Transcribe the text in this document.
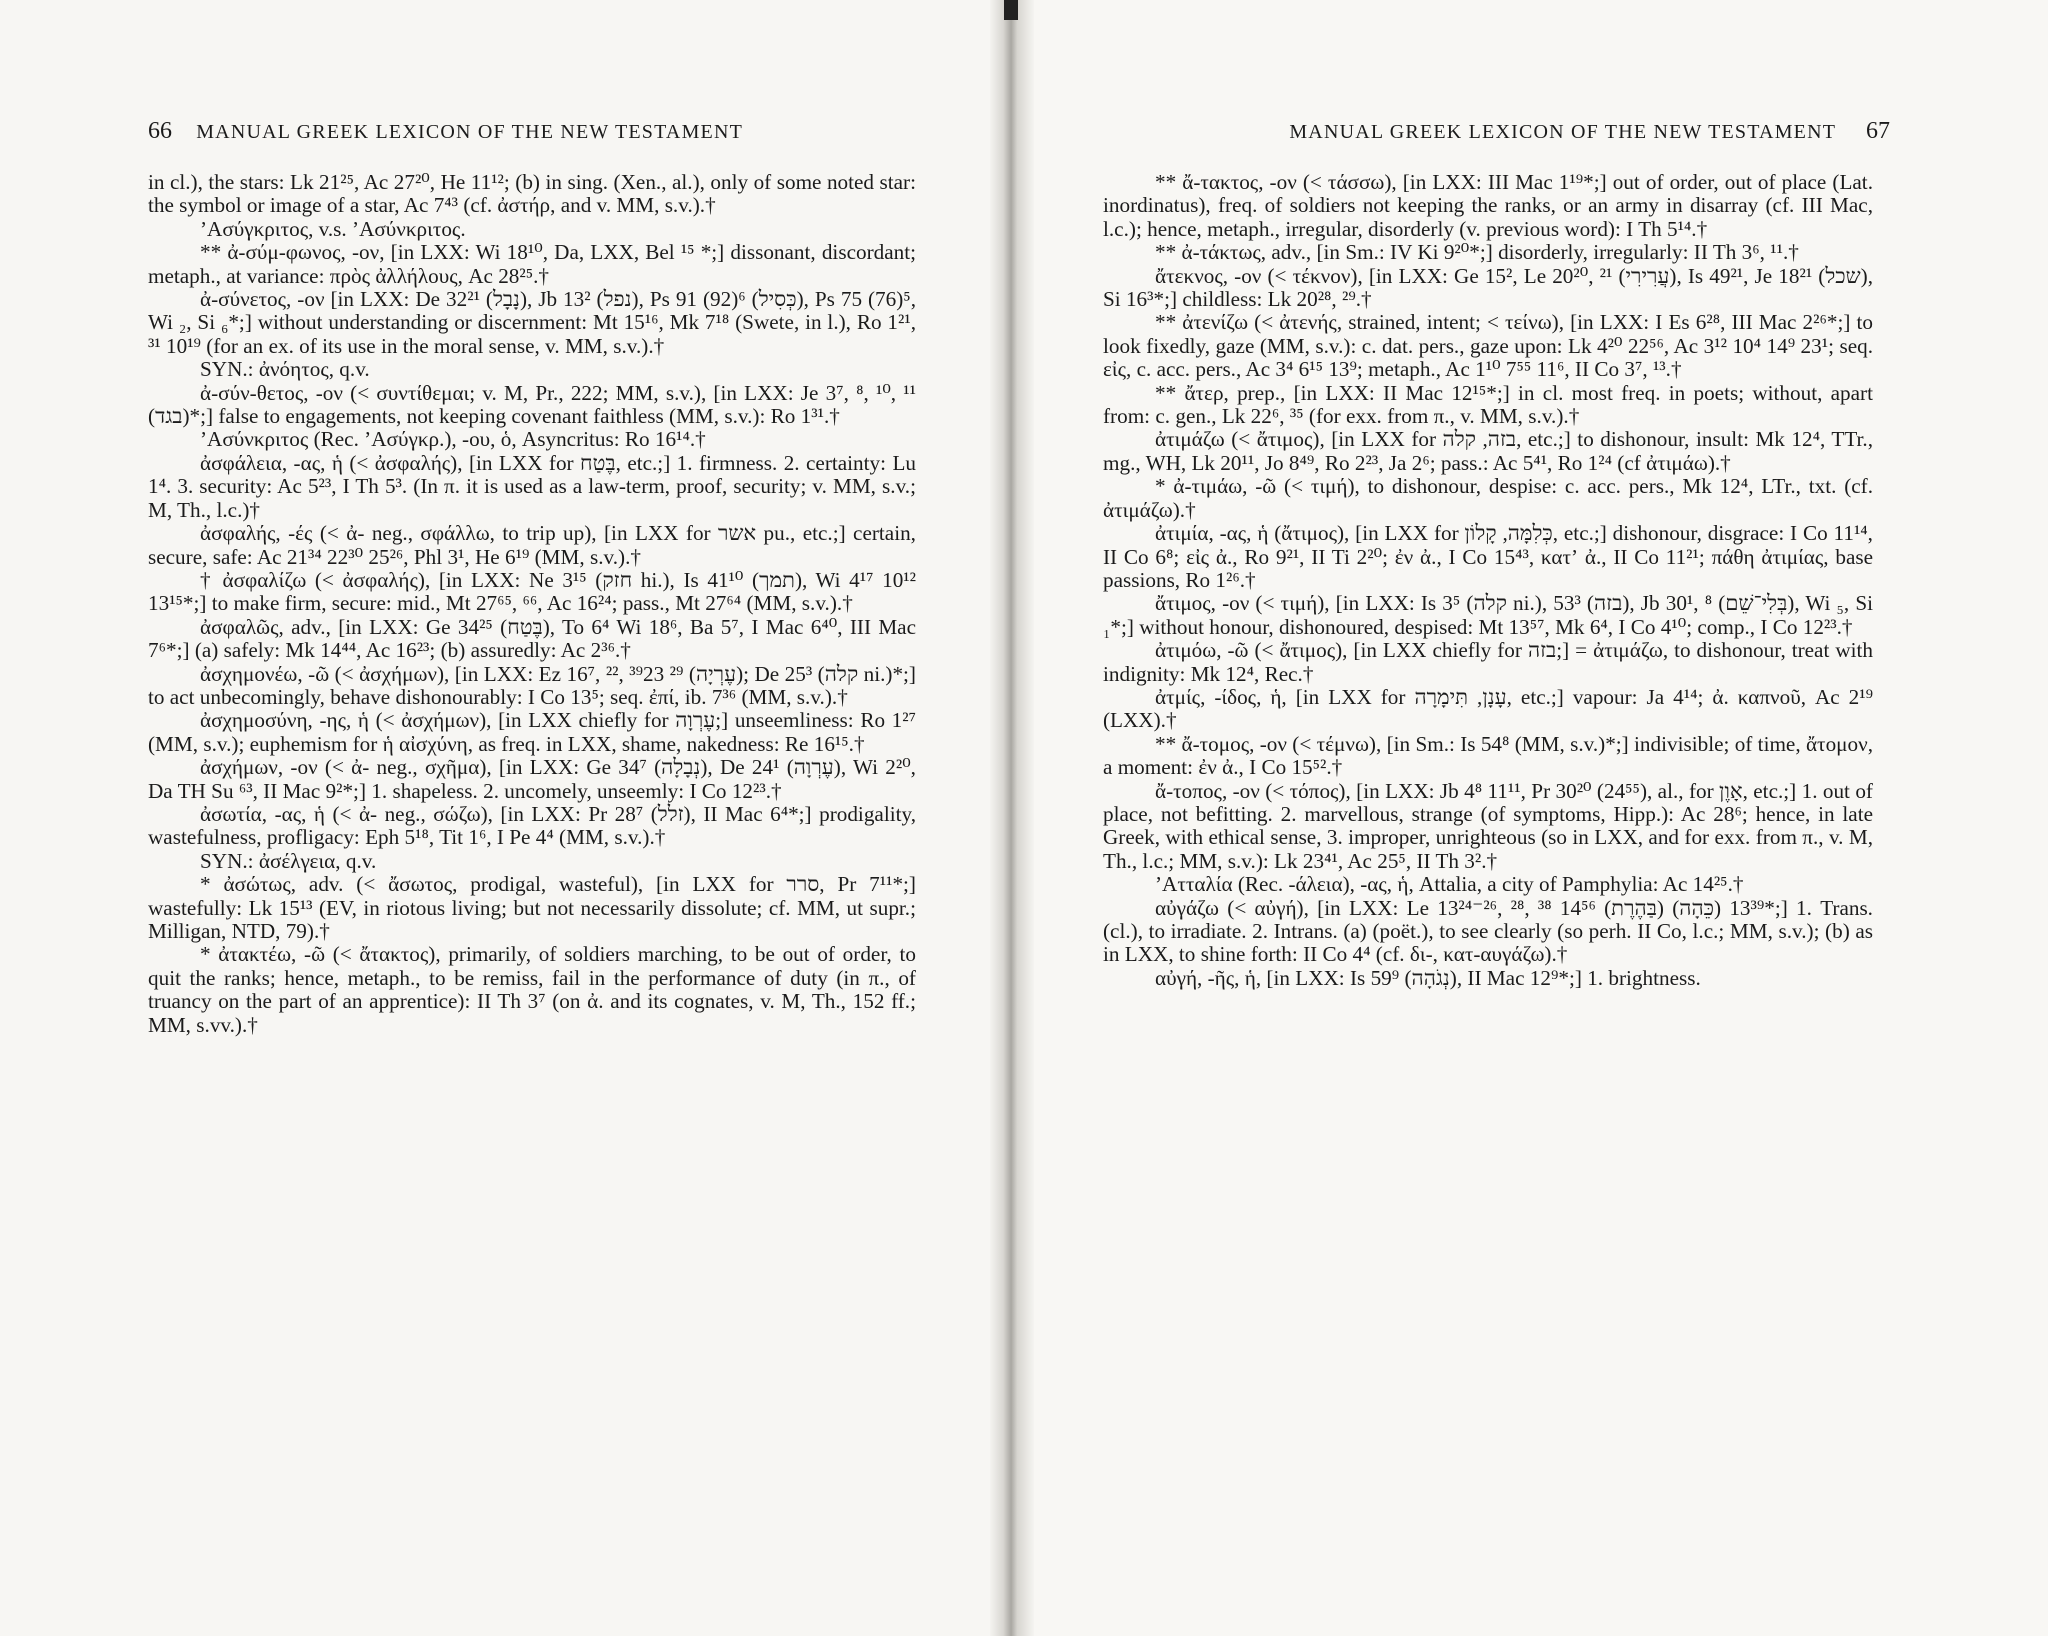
66 MANUAL GREEK LEXICON OF THE NEW TESTAMENT

in cl.), the stars: Lk 21²⁵, Ac 27²⁰, He 11¹²; (b) in sing. (Xen., al.), only of some noted star: the symbol or image of a star, Ac 7⁴³ (cf. ἀστήρ, and v. MM, s.v.).†

ʼΑσύγκριτος, v.s. ʼΑσύνκριτος.

** ἀ-σύμ-φωνος, -ον, [in LXX: Wi 18¹⁰, Da, LXX, Bel ¹⁵ *;] dissonant, discordant; metaph., at variance: πρὸς ἀλλήλους, Ac 28²⁵.†

ἀ-σύνετος, -ον [in LXX: De 32²¹ (נָבָל), Jb 13² (נפל), Ps 91 (92)⁶ (כְּסִיל), Ps 75 (76)⁵, Wi ₂, Si ₆*;] without understanding or discernment: Mt 15¹⁶, Mk 7¹⁸ (Swete, in l.), Ro 1²¹, ³¹ 10¹⁹ (for an ex. of its use in the moral sense, v. MM, s.v.).†

SYN.: ἀνόητος, q.v.

ἀ-σύν-θετος, -ον (< συντίθεμαι; v. M, Pr., 222; MM, s.v.), [in LXX: Je 3⁷, ⁸, ¹⁰, ¹¹ (בגד)*;] false to engagements, not keeping covenant faithless (MM, s.v.): Ro 1³¹.†

ʼΑσύνκριτος (Rec. ʼΑσύγκρ.), -ου, ὁ, Asyncritus: Ro 16¹⁴.†

ἀσφάλεια, -ας, ἡ (< ἀσφαλής), [in LXX for בֶּטַח, etc.;] 1. firmness. 2. certainty: Lu 1⁴. 3. security: Ac 5²³, I Th 5³. (In π. it is used as a law-term, proof, security; v. MM, s.v.; M, Th., l.c.)†

ἀσφαλής, -ές (< ἀ- neg., σφάλλω, to trip up), [in LXX for אשר pu., etc.;] certain, secure, safe: Ac 21³⁴ 22³⁰ 25²⁶, Phl 3¹, He 6¹⁹ (MM, s.v.).†

† ἀσφαλίζω (< ἀσφαλής), [in LXX: Ne 3¹⁵ (חזק hi.), Is 41¹⁰ (תמך), Wi 4¹⁷ 10¹² 13¹⁵*;] to make firm, secure: mid., Mt 27⁶⁵, ⁶⁶, Ac 16²⁴; pass., Mt 27⁶⁴ (MM, s.v.).†

ἀσφαλῶς, adv., [in LXX: Ge 34²⁵ (בֶּטַח), To 6⁴ Wi 18⁶, Ba 5⁷, I Mac 6⁴⁰, III Mac 7⁶*;] (a) safely: Mk 14⁴⁴, Ac 16²³; (b) assuredly: Ac 2³⁶.†

ἀσχημονέω, -ῶ (< ἀσχήμων), [in LXX: Ez 16⁷, ²², ³⁹23 ²⁹ (עֶרְיָה); De 25³ (קלה ni.)*;] to act unbecomingly, behave dishonourably: I Co 13⁵; seq. ἐπί, ib. 7³⁶ (MM, s.v.).†

ἀσχημοσύνη, -ης, ἡ (< ἀσχήμων), [in LXX chiefly for עֶרְוָה;] unseemliness: Ro 1²⁷ (MM, s.v.); euphemism for ἡ αἰσχύνη, as freq. in LXX, shame, nakedness: Re 16¹⁵.†

ἀσχήμων, -ον (< ἀ- neg., σχῆμα), [in LXX: Ge 34⁷ (נְבָלָה), De 24¹ (עֶרְוָה), Wi 2²⁰, Da TH Su ⁶³, II Mac 9²*;] 1. shapeless. 2. uncomely, unseemly: I Co 12²³.†

ἀσωτία, -ας, ἡ (< ἀ- neg., σώζω), [in LXX: Pr 28⁷ (זלל), II Mac 6⁴*;] prodigality, wastefulness, profligacy: Eph 5¹⁸, Tit 1⁶, I Pe 4⁴ (MM, s.v.).†

SYN.: ἀσέλγεια, q.v.

* ἀσώτως, adv. (< ἄσωτος, prodigal, wasteful), [in LXX for סרר, Pr 7¹¹*;] wastefully: Lk 15¹³ (EV, in riotous living; but not necessarily dissolute; cf. MM, ut supr.; Milligan, NTD, 79).†

* ἀτακτέω, -ῶ (< ἄτακτος), primarily, of soldiers marching, to be out of order, to quit the ranks; hence, metaph., to be remiss, fail in the performance of duty (in π., of truancy on the part of an apprentice): II Th 3⁷ (on ἀ. and its cognates, v. M, Th., 152 ff.; MM, s.vv.).†

MANUAL GREEK LEXICON OF THE NEW TESTAMENT 67

** ἄ-τακτος, -ον (< τάσσω), [in LXX: III Mac 1¹⁹*;] out of order, out of place (Lat. inordinatus), freq. of soldiers not keeping the ranks, or an army in disarray (cf. III Mac, l.c.); hence, metaph., irregular, disorderly (v. previous word): I Th 5¹⁴.†

** ἀ-τάκτως, adv., [in Sm.: IV Ki 9²⁰*;] disorderly, irregularly: II Th 3⁶, ¹¹.†

ἄτεκνος, -ον (< τέκνον), [in LXX: Ge 15², Le 20²⁰, ²¹ (עֲרִירִי), Is 49²¹, Je 18²¹ (שכל), Si 16³*;] childless: Lk 20²⁸, ²⁹.†

** ἀτενίζω (< ἀτενής, strained, intent; < τείνω), [in LXX: I Es 6²⁸, III Mac 2²⁶*;] to look fixedly, gaze (MM, s.v.): c. dat. pers., gaze upon: Lk 4²⁰ 22⁵⁶, Ac 3¹² 10⁴ 14⁹ 23¹; seq. εἰς, c. acc. pers., Ac 3⁴ 6¹⁵ 13⁹; metaph., Ac 1¹⁰ 7⁵⁵ 11⁶, II Co 3⁷, ¹³.†

** ἄτερ, prep., [in LXX: II Mac 12¹⁵*;] in cl. most freq. in poets; without, apart from: c. gen., Lk 22⁶, ³⁵ (for exx. from π., v. MM, s.v.).†

ἀτιμάζω (< ἄτιμος), [in LXX for בזה, קלה, etc.;] to dishonour, insult: Mk 12⁴, TTr., mg., WH, Lk 20¹¹, Jo 8⁴⁹, Ro 2²³, Ja 2⁶; pass.: Ac 5⁴¹, Ro 1²⁴ (cf ἀτιμάω).†

* ἀ-τιμάω, -ῶ (< τιμή), to dishonour, despise: c. acc. pers., Mk 12⁴, LTr., txt. (cf. ἀτιμάζω).†

ἀτιμία, -ας, ἡ (ἄτιμος), [in LXX for כְּלִמָּה, קָלוֹן, etc.;] dishonour, disgrace: I Co 11¹⁴, II Co 6⁸; εἰς ἀ., Ro 9²¹, II Ti 2²⁰; ἐν ἀ., I Co 15⁴³, κατʼ ἀ., II Co 11²¹; πάθη ἀτιμίας, base passions, Ro 1²⁶.†

ἄτιμος, -ον (< τιμή), [in LXX: Is 3⁵ (קלה ni.), 53³ (בזה), Jb 30¹, ⁸ (בְּלִי־שֵׁם), Wi ₅, Si ₁*;] without honour, dishonoured, despised: Mt 13⁵⁷, Mk 6⁴, I Co 4¹⁰; comp., I Co 12²³.†

ἀτιμόω, -ῶ (< ἄτιμος), [in LXX chiefly for בזה;] = ἀτιμάζω, to dishonour, treat with indignity: Mk 12⁴, Rec.†

ἀτμίς, -ίδος, ἡ, [in LXX for עָנָן, תִּימָרָה, etc.;] vapour: Ja 4¹⁴; ἀ. καπνοῦ, Ac 2¹⁹ (LXX).†

** ἄ-τομος, -ον (< τέμνω), [in Sm.: Is 54⁸ (MM, s.v.)*;] indivisible; of time, ἄτομον, a moment: ἐν ἀ., I Co 15⁵².†

ἄ-τοπος, -ον (< τόπος), [in LXX: Jb 4⁸ 11¹¹, Pr 30²⁰ (24⁵⁵), al., for אָוֶן, etc.;] 1. out of place, not befitting. 2. marvellous, strange (of symptoms, Hipp.): Ac 28⁶; hence, in late Greek, with ethical sense, 3. improper, unrighteous (so in LXX, and for exx. from π., v. M, Th., l.c.; MM, s.v.): Lk 23⁴¹, Ac 25⁵, II Th 3².†

ʼΑτταλία (Rec. -άλεια), -ας, ἡ, Attalia, a city of Pamphylia: Ac 14²⁵.†

αὐγάζω (< αὐγή), [in LXX: Le 13²⁴⁻²⁶, ²⁸, ³⁸ 14⁵⁶ (בַּהֶרֶת) 13³⁹ (כֵּהָה)*;] 1. Trans. (cl.), to irradiate. 2. Intrans. (a) (poët.), to see clearly (so perh. II Co, l.c.; MM, s.v.); (b) as in LXX, to shine forth: II Co 4⁴ (cf. δι-, κατ-αυγάζω).†

αὐγή, -ῆς, ἡ, [in LXX: Is 59⁹ (נְגֹהָה), II Mac 12⁹*;] 1. brightness.
